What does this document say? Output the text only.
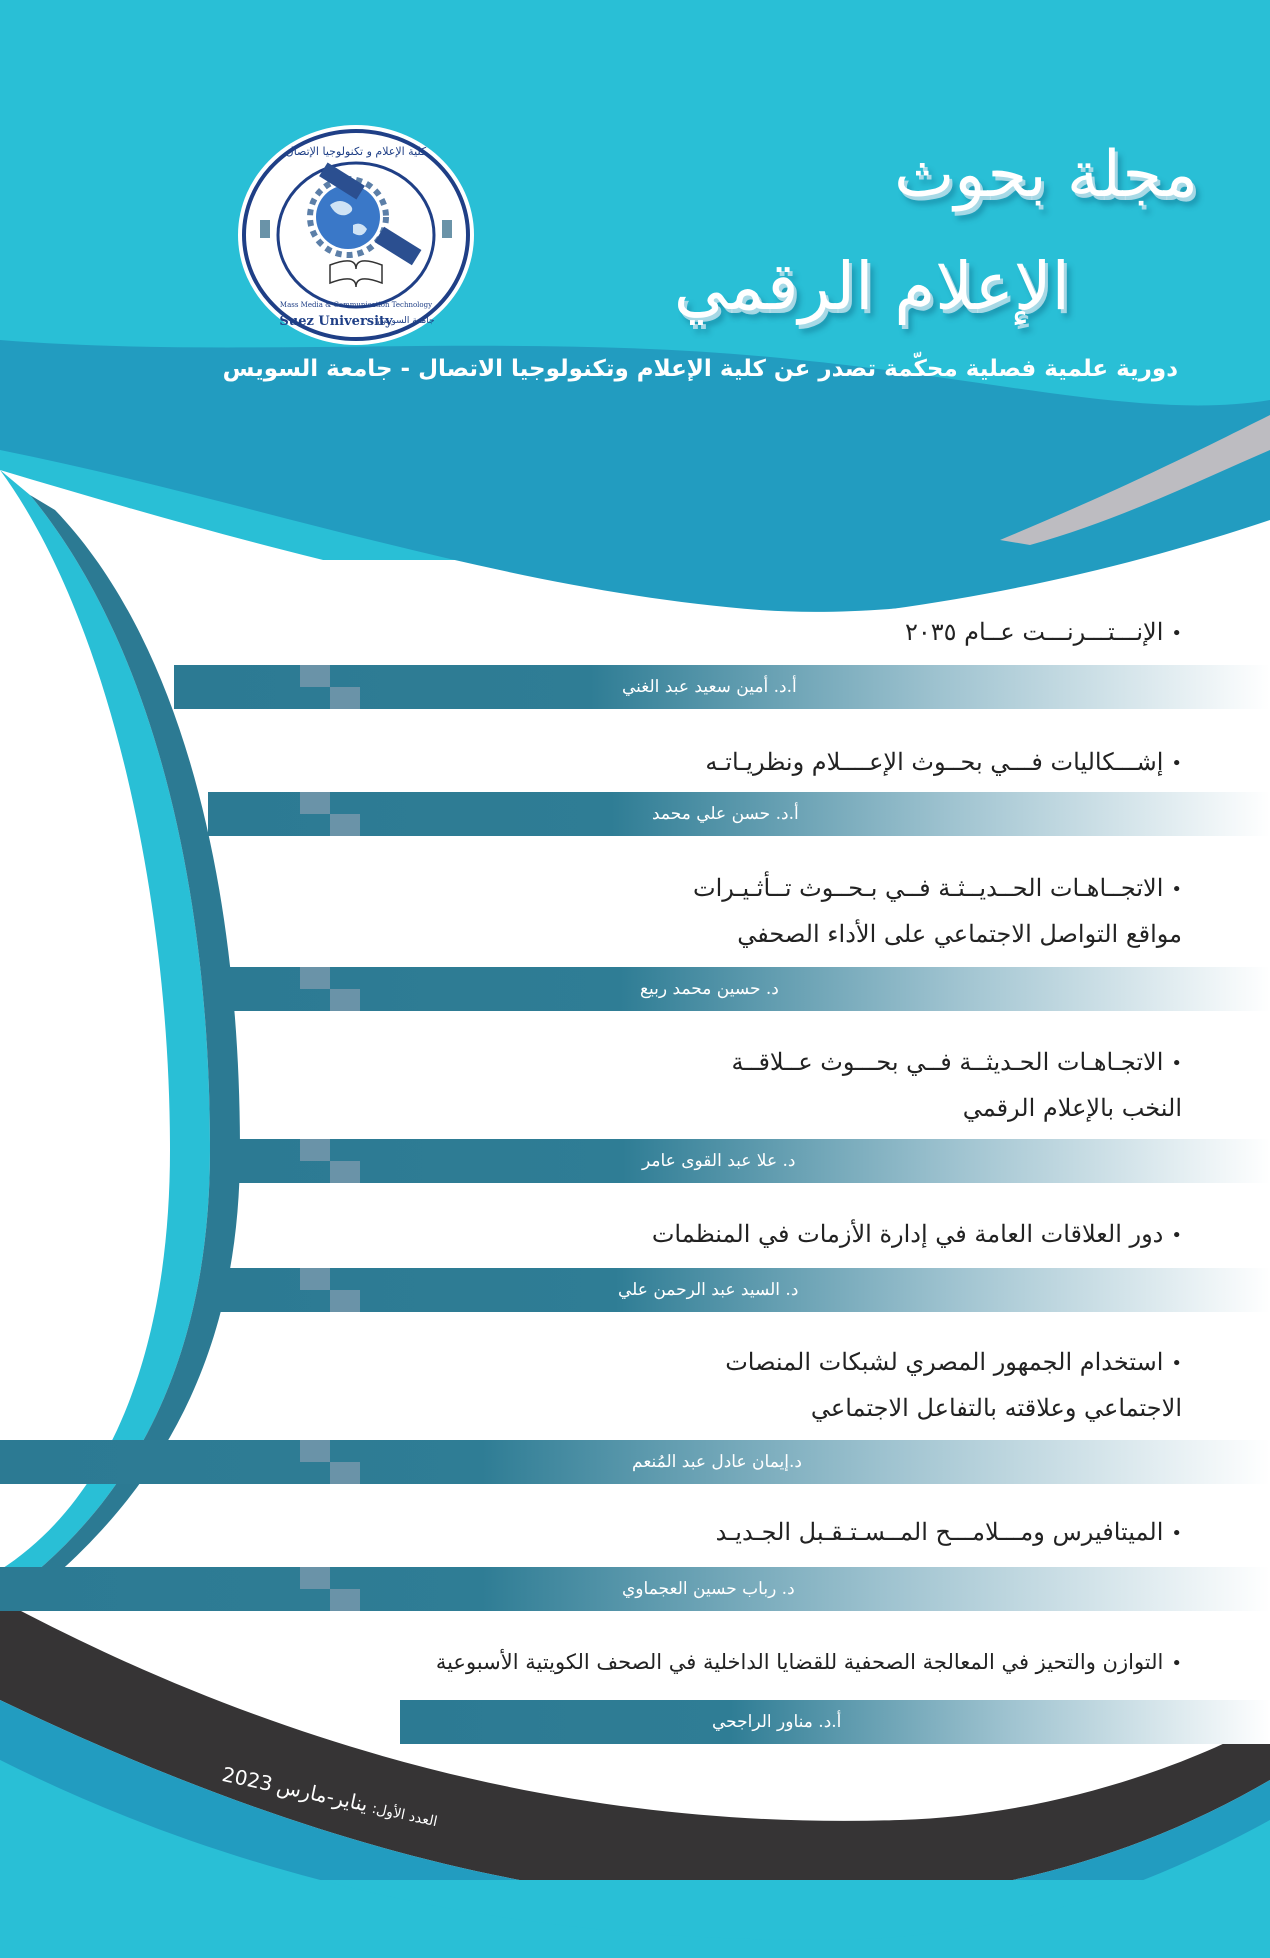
مجلة بحوث
الإعلام الرقمي
دورية علمية فصلية محكّمة تصدر عن كلية الإعلام وتكنولوجيا الاتصال - جامعة السويس
كلية الإعلام و تكنولوجيا الإتصال
Mass Media & Communication Technology
Suez University
جامعة السويس
•الإنـــتـــرنـــت عــام ٢٠٣٥
أ.د. أمين سعيد عبد الغني
•إشـــكاليات فـــي بحــوث الإعــــلام ونظريـاتـه
أ.د. حسن علي محمد
•الاتجــاهـات الحــديــثـة فــي بـحــوث تــأثـيـرات
مواقع التواصل الاجتماعي على الأداء الصحفي
د. حسين محمد ربيع
•الاتجـاهـات الحـديثــة فــي بحـــوث عــلاقــة
النخب بالإعلام الرقمي
د. علا عبد القوى عامر
•دور العلاقات العامة في إدارة الأزمات في المنظمات
د. السيد عبد الرحمن علي
•استخدام الجمهور المصري لشبكات المنصات
الاجتماعي وعلاقته بالتفاعل الاجتماعي
د.إيمان عادل عبد المُنعم
•الميتافيرس ومـــلامـــح المــسـتـقـبل الجـديـد
د. رباب حسين العجماوي
•التوازن والتحيز في المعالجة الصحفية للقضايا الداخلية في الصحف الكويتية الأسبوعية
أ.د. مناور الراجحي
العدد الأول: يناير-مارس 2023
